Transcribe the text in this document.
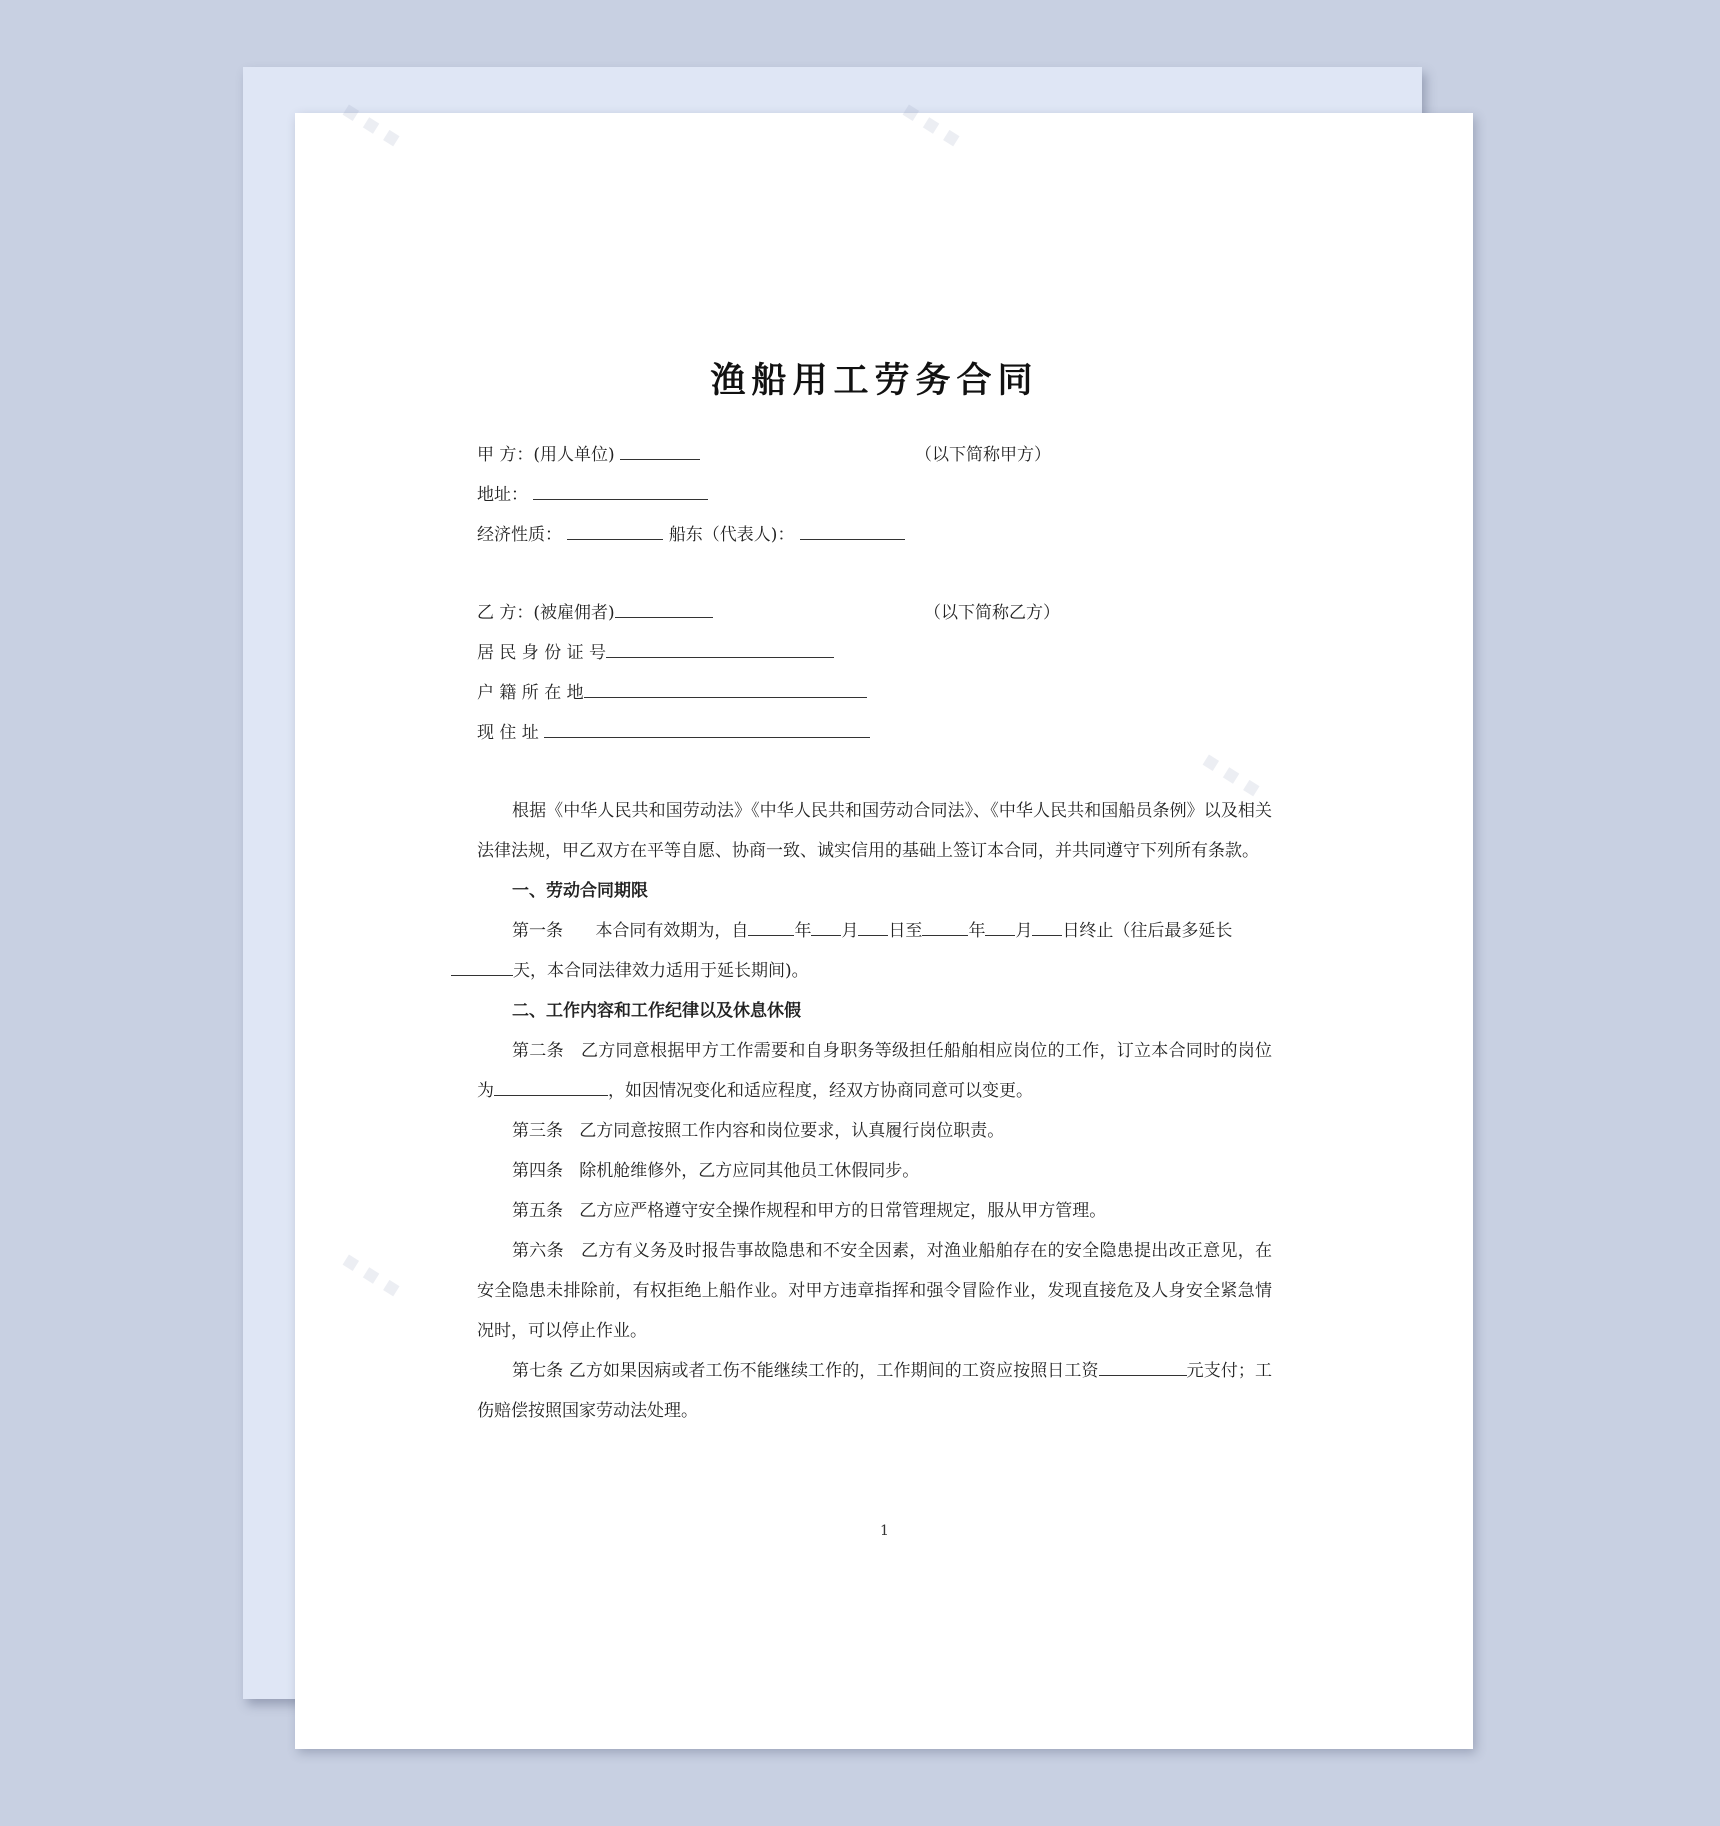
渔船用工劳务合同
甲 方：(用人单位)	（以下简称甲方）
地址：
经济性质：	船东（代表人)：
乙 方：(被雇佣者)	（以下简称乙方）
居 民 身 份 证 号
户 籍 所 在 地
现 住 址

根据《中华人民共和国劳动法》《中华人民共和国劳动合同法》、《中华人民共和国船员条例》以及相关法律法规，甲乙双方在平等自愿、协商一致、诚实信用的基础上签订本合同，并共同遵守下列所有条款。

一、劳动合同期限

第一条 本合同有效期为，自	年 月 日至	年 月 日终止（往后最多延长
天，本合同法律效力适用于延长期间)。

二、工作内容和工作纪律以及休息休假

第二条 乙方同意根据甲方工作需要和自身职务等级担任船舶相应岗位的工作，订立本合同时的岗位为	，如因情况变化和适应程度，经双方协商同意可以变更。

第三条 乙方同意按照工作内容和岗位要求，认真履行岗位职责。

第四条 除机舱维修外，乙方应同其他员工休假同步。

第五条 乙方应严格遵守安全操作规程和甲方的日常管理规定，服从甲方管理。

第六条 乙方有义务及时报告事故隐患和不安全因素，对渔业船舶存在的安全隐患提出改正意见，在安全隐患未排除前，有权拒绝上船作业。对甲方违章指挥和强令冒险作业，发现直接危及人身安全紧急情况时，可以停止作业。

第七条 乙方如果因病或者工伤不能继续工作的，工作期间的工资应按照日工资	元支付；工伤赔偿按照国家劳动法处理。

1
